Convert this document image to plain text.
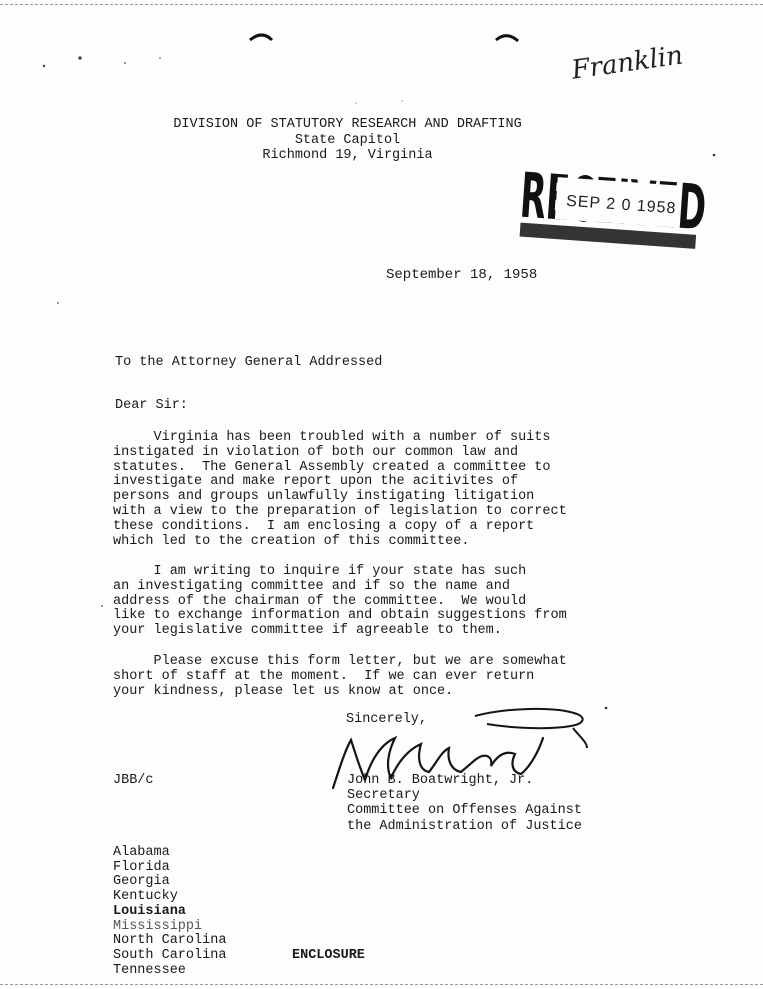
Franklin
DIVISION OF STATUTORY RESEARCH AND DRAFTING
State Capitol
Richmond 19, Virginia
SEP 2 0 1958
September 18, 1958
To the Attorney General Addressed
Dear Sir:
Virginia has been troubled with a number of suits
instigated in violation of both our common law and
statutes.  The General Assembly created a committee to
investigate and make report upon the acitivites of
persons and groups unlawfully instigating litigation
with a view to the preparation of legislation to correct
these conditions.  I am enclosing a copy of a report
which led to the creation of this committee.
I am writing to inquire if your state has such
an investigating committee and if so the name and
address of the chairman of the committee.  We would
like to exchange information and obtain suggestions from
your legislative committee if agreeable to them.
Please excuse this form letter, but we are somewhat
short of staff at the moment.  If we can ever return
your kindness, please let us know at once.
Sincerely,
JBB/c	John B. Boatwright, Jr.
Secretary
Committee on Offenses Against
the Administration of Justice
Alabama
Florida
Georgia
Kentucky
Louisiana
Mississippi
North Carolina
South Carolina
Tennessee
ENCLOSURE
